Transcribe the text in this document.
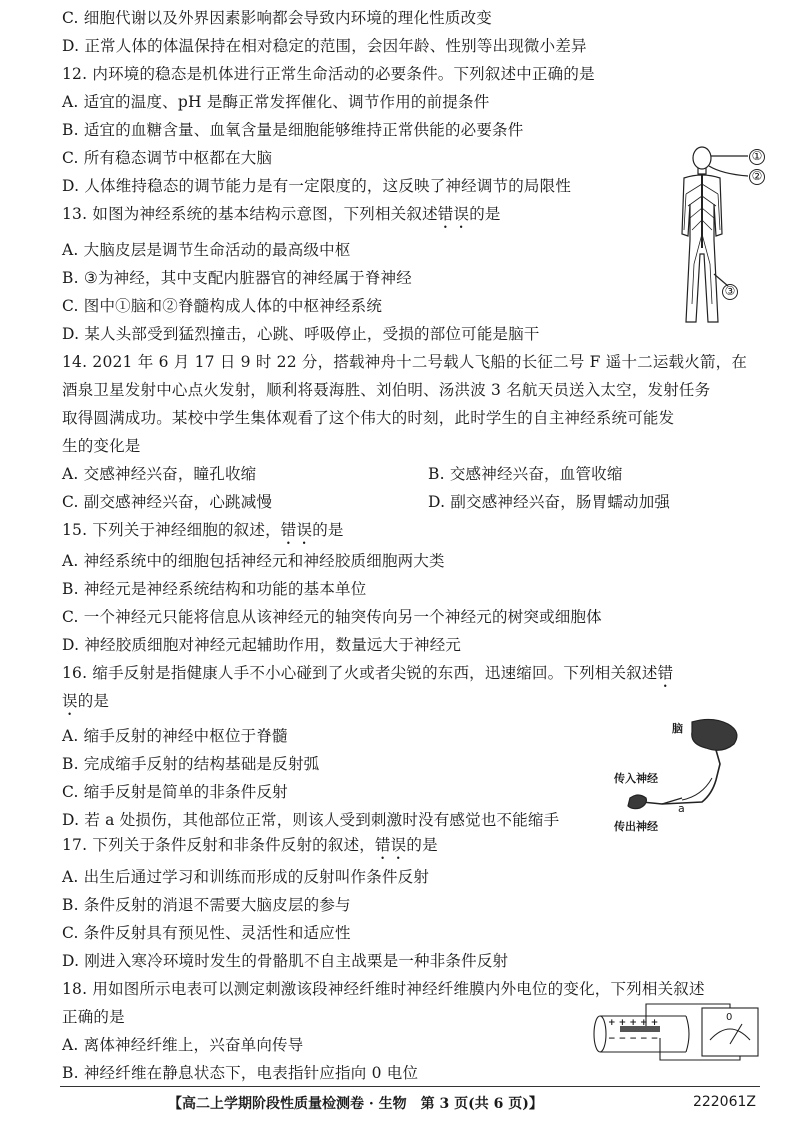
C. 细胞代谢以及外界因素影响都会导致内环境的理化性质改变
D. 正常人体的体温保持在相对稳定的范围，会因年龄、性别等出现微小差异
12. 内环境的稳态是机体进行正常生命活动的必要条件。下列叙述中正确的是
A. 适宜的温度、pH 是酶正常发挥催化、调节作用的前提条件
B. 适宜的血糖含量、血氧含量是细胞能够维持正常供能的必要条件
C. 所有稳态调节中枢都在大脑
D. 人体维持稳态的调节能力是有一定限度的，这反映了神经调节的局限性
13. 如图为神经系统的基本结构示意图，下列相关叙述错误的是
A. 大脑皮层是调节生命活动的最高级中枢
B. ③为神经，其中支配内脏器官的神经属于脊神经
C. 图中①脑和②脊髓构成人体的中枢神经系统
D. 某人头部受到猛烈撞击，心跳、呼吸停止，受损的部位可能是脑干
①
②
③
14. 2021 年 6 月 17 日 9 时 22 分，搭载神舟十二号载人飞船的长征二号 F 遥十二运载火箭，在
酒泉卫星发射中心点火发射，顺利将聂海胜、刘伯明、汤洪波 3 名航天员送入太空，发射任务
取得圆满成功。某校中学生集体观看了这个伟大的时刻，此时学生的自主神经系统可能发
生的变化是
A. 交感神经兴奋，瞳孔收缩	B. 交感神经兴奋，血管收缩
C. 副交感神经兴奋，心跳减慢	D. 副交感神经兴奋，肠胃蠕动加强
15. 下列关于神经细胞的叙述，错误的是
A. 神经系统中的细胞包括神经元和神经胶质细胞两大类
B. 神经元是神经系统结构和功能的基本单位
C. 一个神经元只能将信息从该神经元的轴突传向另一个神经元的树突或细胞体
D. 神经胶质细胞对神经元起辅助作用，数量远大于神经元
16. 缩手反射是指健康人手不小心碰到了火或者尖锐的东西，迅速缩回。下列相关叙述错
误的是
A. 缩手反射的神经中枢位于脊髓
B. 完成缩手反射的结构基础是反射弧
C. 缩手反射是简单的非条件反射
D. 若 a 处损伤，其他部位正常，则该人受到刺激时没有感觉也不能缩手
脑
传入神经
a
传出神经
17. 下列关于条件反射和非条件反射的叙述，错误的是
A. 出生后通过学习和训练而形成的反射叫作条件反射
B. 条件反射的消退不需要大脑皮层的参与
C. 条件反射具有预见性、灵活性和适应性
D. 刚进入寒冷环境时发生的骨骼肌不自主战栗是一种非条件反射
18. 用如图所示电表可以测定刺激该段神经纤维时神经纤维膜内外电位的变化，下列相关叙述
正确的是
A. 离体神经纤维上，兴奋单向传导
B. 神经纤维在静息状态下，电表指针应指向 0 电位
+ + + + +
− − − − −
0
【高二上学期阶段性质量检测卷 · 生物　第 3 页(共 6 页)】	222061Z
